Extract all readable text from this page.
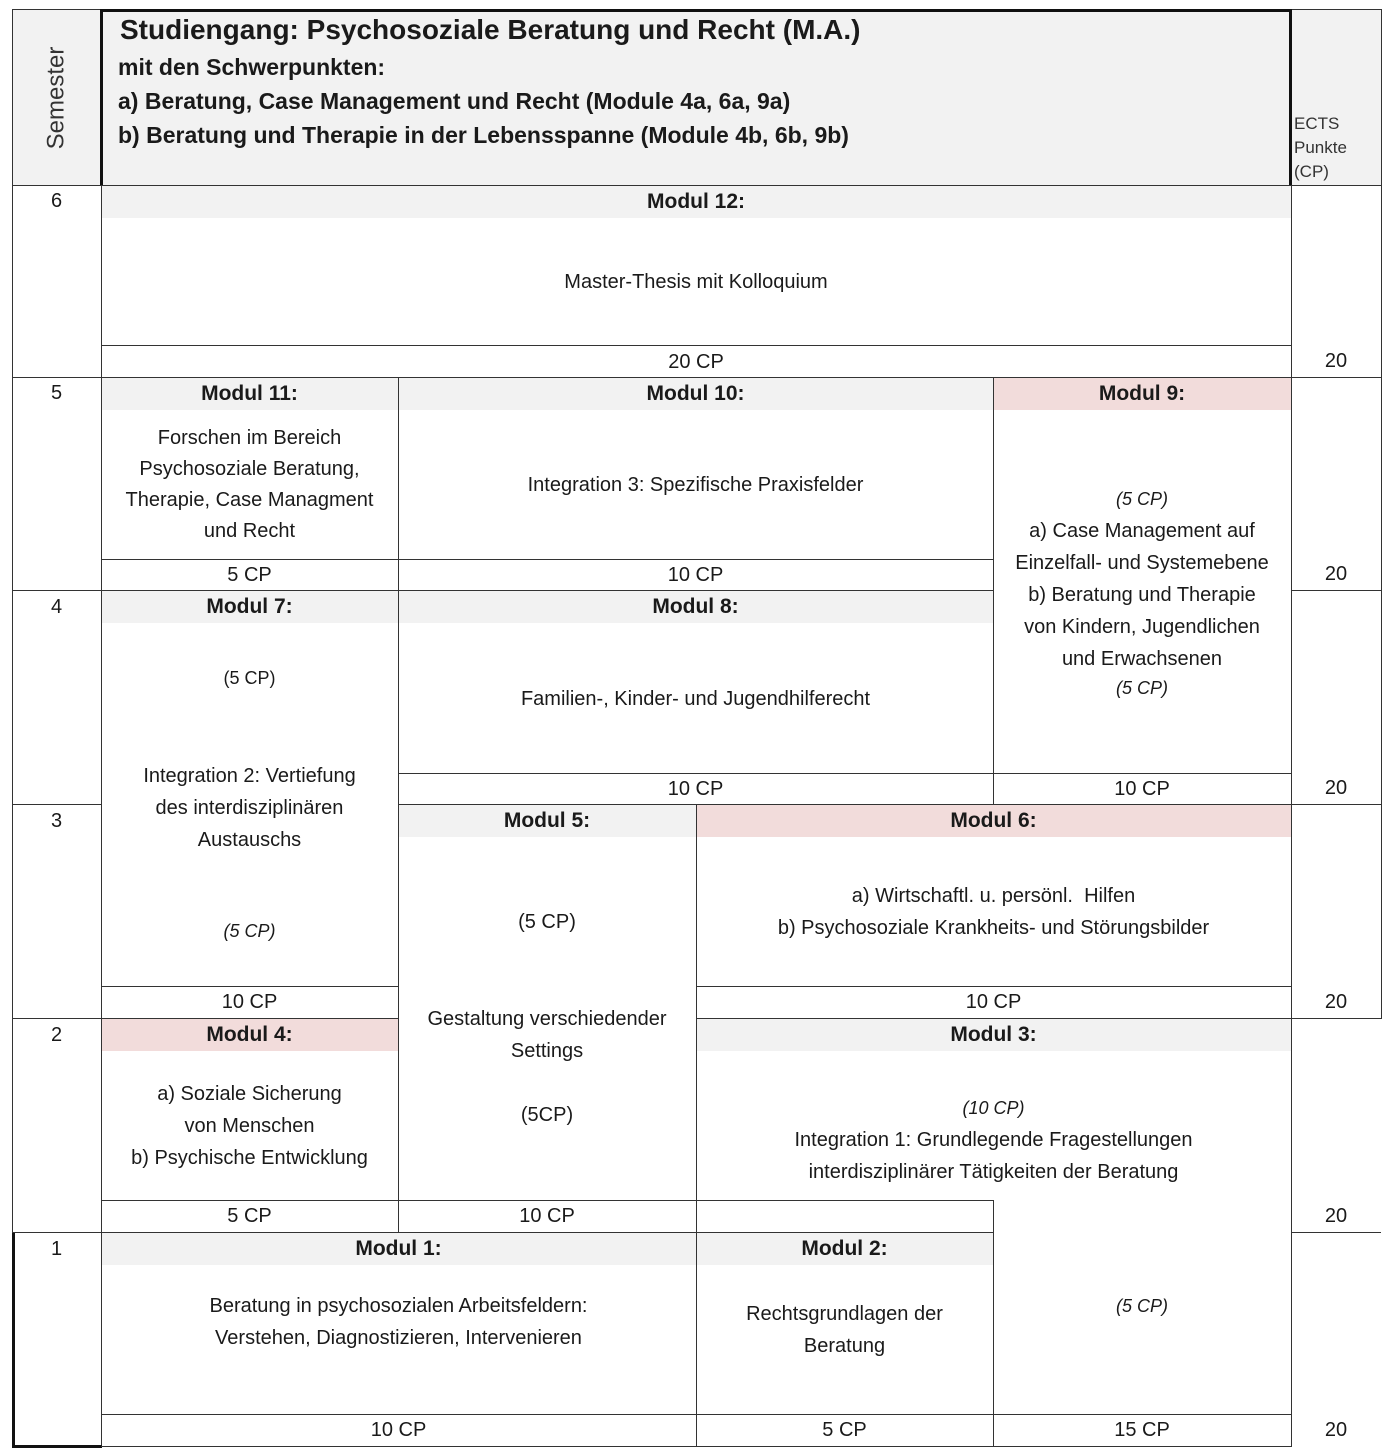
Semester
Studiengang: Psychosoziale Beratung und Recht (M.A.)
mit den Schwerpunkten:
a) Beratung, Case Management und Recht (Module 4a, 6a, 9a)
b) Beratung und Therapie in der Lebensspanne (Module 4b, 6b, 9b)	ECTS
Punkte
(CP)
6
5
4
3
2
1
20
20
20
20
20
20
Modul 12:
Master-Thesis mit Kolloquium
20 CP
Modul 11:
Forschen im Bereich
Psychosoziale Beratung,
Therapie, Case Managment
und Recht
5 CP
Modul 10:
Integration 3: Spezifische Praxisfelder
10 CP
Modul 9:
(5 CP)
a) Case Management auf
Einzelfall- und Systemebene
b) Beratung und Therapie
von Kindern, Jugendlichen
und Erwachsenen
(5 CP)
10 CP
Modul 7:
(5 CP)
Integration 2: Vertiefung
des interdisziplinären
Austauschs
(5 CP)
10 CP
Modul 8:
Familien-, Kinder- und Jugendhilferecht
10 CP
Modul 5:
(5 CP)
Gestaltung verschiedender
Settings
(5CP)
10 CP
Modul 6:
a) Wirtschaftl. u. persönl.  Hilfen
b) Psychosoziale Krankheits- und Störungsbilder
10 CP
Modul 4:
a) Soziale Sicherung
von Menschen
b) Psychische Entwicklung
5 CP
Modul 3:
(10 CP)
Integration 1: Grundlegende Fragestellungen
interdisziplinärer Tätigkeiten der Beratung
(5 CP)
15 CP
Modul 1:
Beratung in psychosozialen Arbeitsfeldern:
Verstehen, Diagnostizieren, Intervenieren
10 CP
Modul 2:
Rechtsgrundlagen der
Beratung
5 CP
